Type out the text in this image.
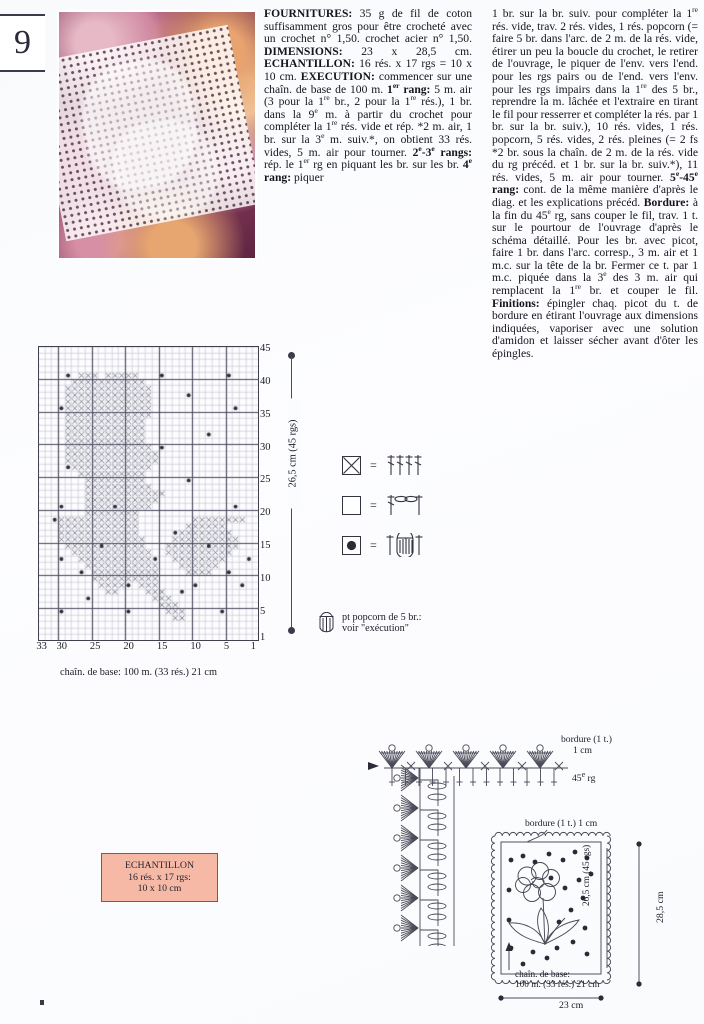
9
FOURNITURES: 35 g de fil de coton suffisamment gros pour être crocheté avec un crochet n° 1,50. crochet acier n° 1,50. DIMENSIONS: 23 x 28,5 cm. ECHANTILLON: 16 rés. x 17 rgs = 10 x 10 cm. EXECUTION: commencer sur une chaîn. de base de 100 m. 1er rang: 5 m. air (3 pour la 1re br., 2 pour la 1re rés.), 1 br. dans la 9e m. à partir du crochet pour compléter la 1re rés. vide et rép. *2 m. air, 1 br. sur la 3e m. suiv.*, on obtient 33 rés. vides, 5 m. air pour tourner. 2e-3e rangs: rép. le 1er rg en piquant les br. sur les br. 4e rang: piquer
1 br. sur la br. suiv. pour compléter la 1re rés. vide, trav. 2 rés. vides, 1 rés. popcorn (= faire 5 br. dans l'arc. de 2 m. de la rés. vide, étirer un peu la boucle du crochet, le retirer de l'ouvrage, le piquer de l'env. vers l'end. pour les rgs pairs ou de l'end. vers l'env. pour les rgs impairs dans la 1re des 5 br., reprendre la m. lâchée et l'extraire en tirant le fil pour resserrer et compléter la rés. par 1 br. sur la br. suiv.), 10 rés. vides, 1 rés. popcorn, 5 rés. vides, 2 rés. pleines (= 2 fs *2 br. sous la chaîn. de 2 m. de la rés. vide du rg précéd. et 1 br. sur la br. suiv.*), 11 rés. vides, 5 m. air pour tourner. 5e-45e rang: cont. de la même manière d'après le diag. et les explications précéd. Bordure: à la fin du 45e rg, sans couper le fil, trav. 1 t. sur le pourtour de l'ouvrage d'après le schéma détaillé. Pour les br. avec picot, faire 1 br. dans l'arc. corresp., 3 m. air et 1 m.c. sur la tête de la br. Fermer ce t. par 1 m.c. piquée dans la 3e des 3 m. air qui remplacent la 1re br. et couper le fil. Finitions: épingler chaq. picot du t. de bordure en étirant l'ouvrage aux dimensions indiquées, vaporiser avec une solution d'amidon et laisser sécher avant d'ôter les épingles.
33 30 25 20 15 10 5 1
1
5
10
15
20
25
30
35
40
45
chaîn. de base: 100 m. (33 rés.) 21 cm
26,5 cm (45 rgs)	=
=
=
pt popcorn de 5 br.:
voir "exécution"
ECHANTILLON
16 rés. x 17 rgs:
10 x 10 cm
bordure (1 t.)
1 cm
45e rg
bordure (1 t.) 1 cm
chaîn. de base:
100 m. (33 rés.) 21 cm
23 cm
26,5 cm (45 rgs)
28,5 cm
